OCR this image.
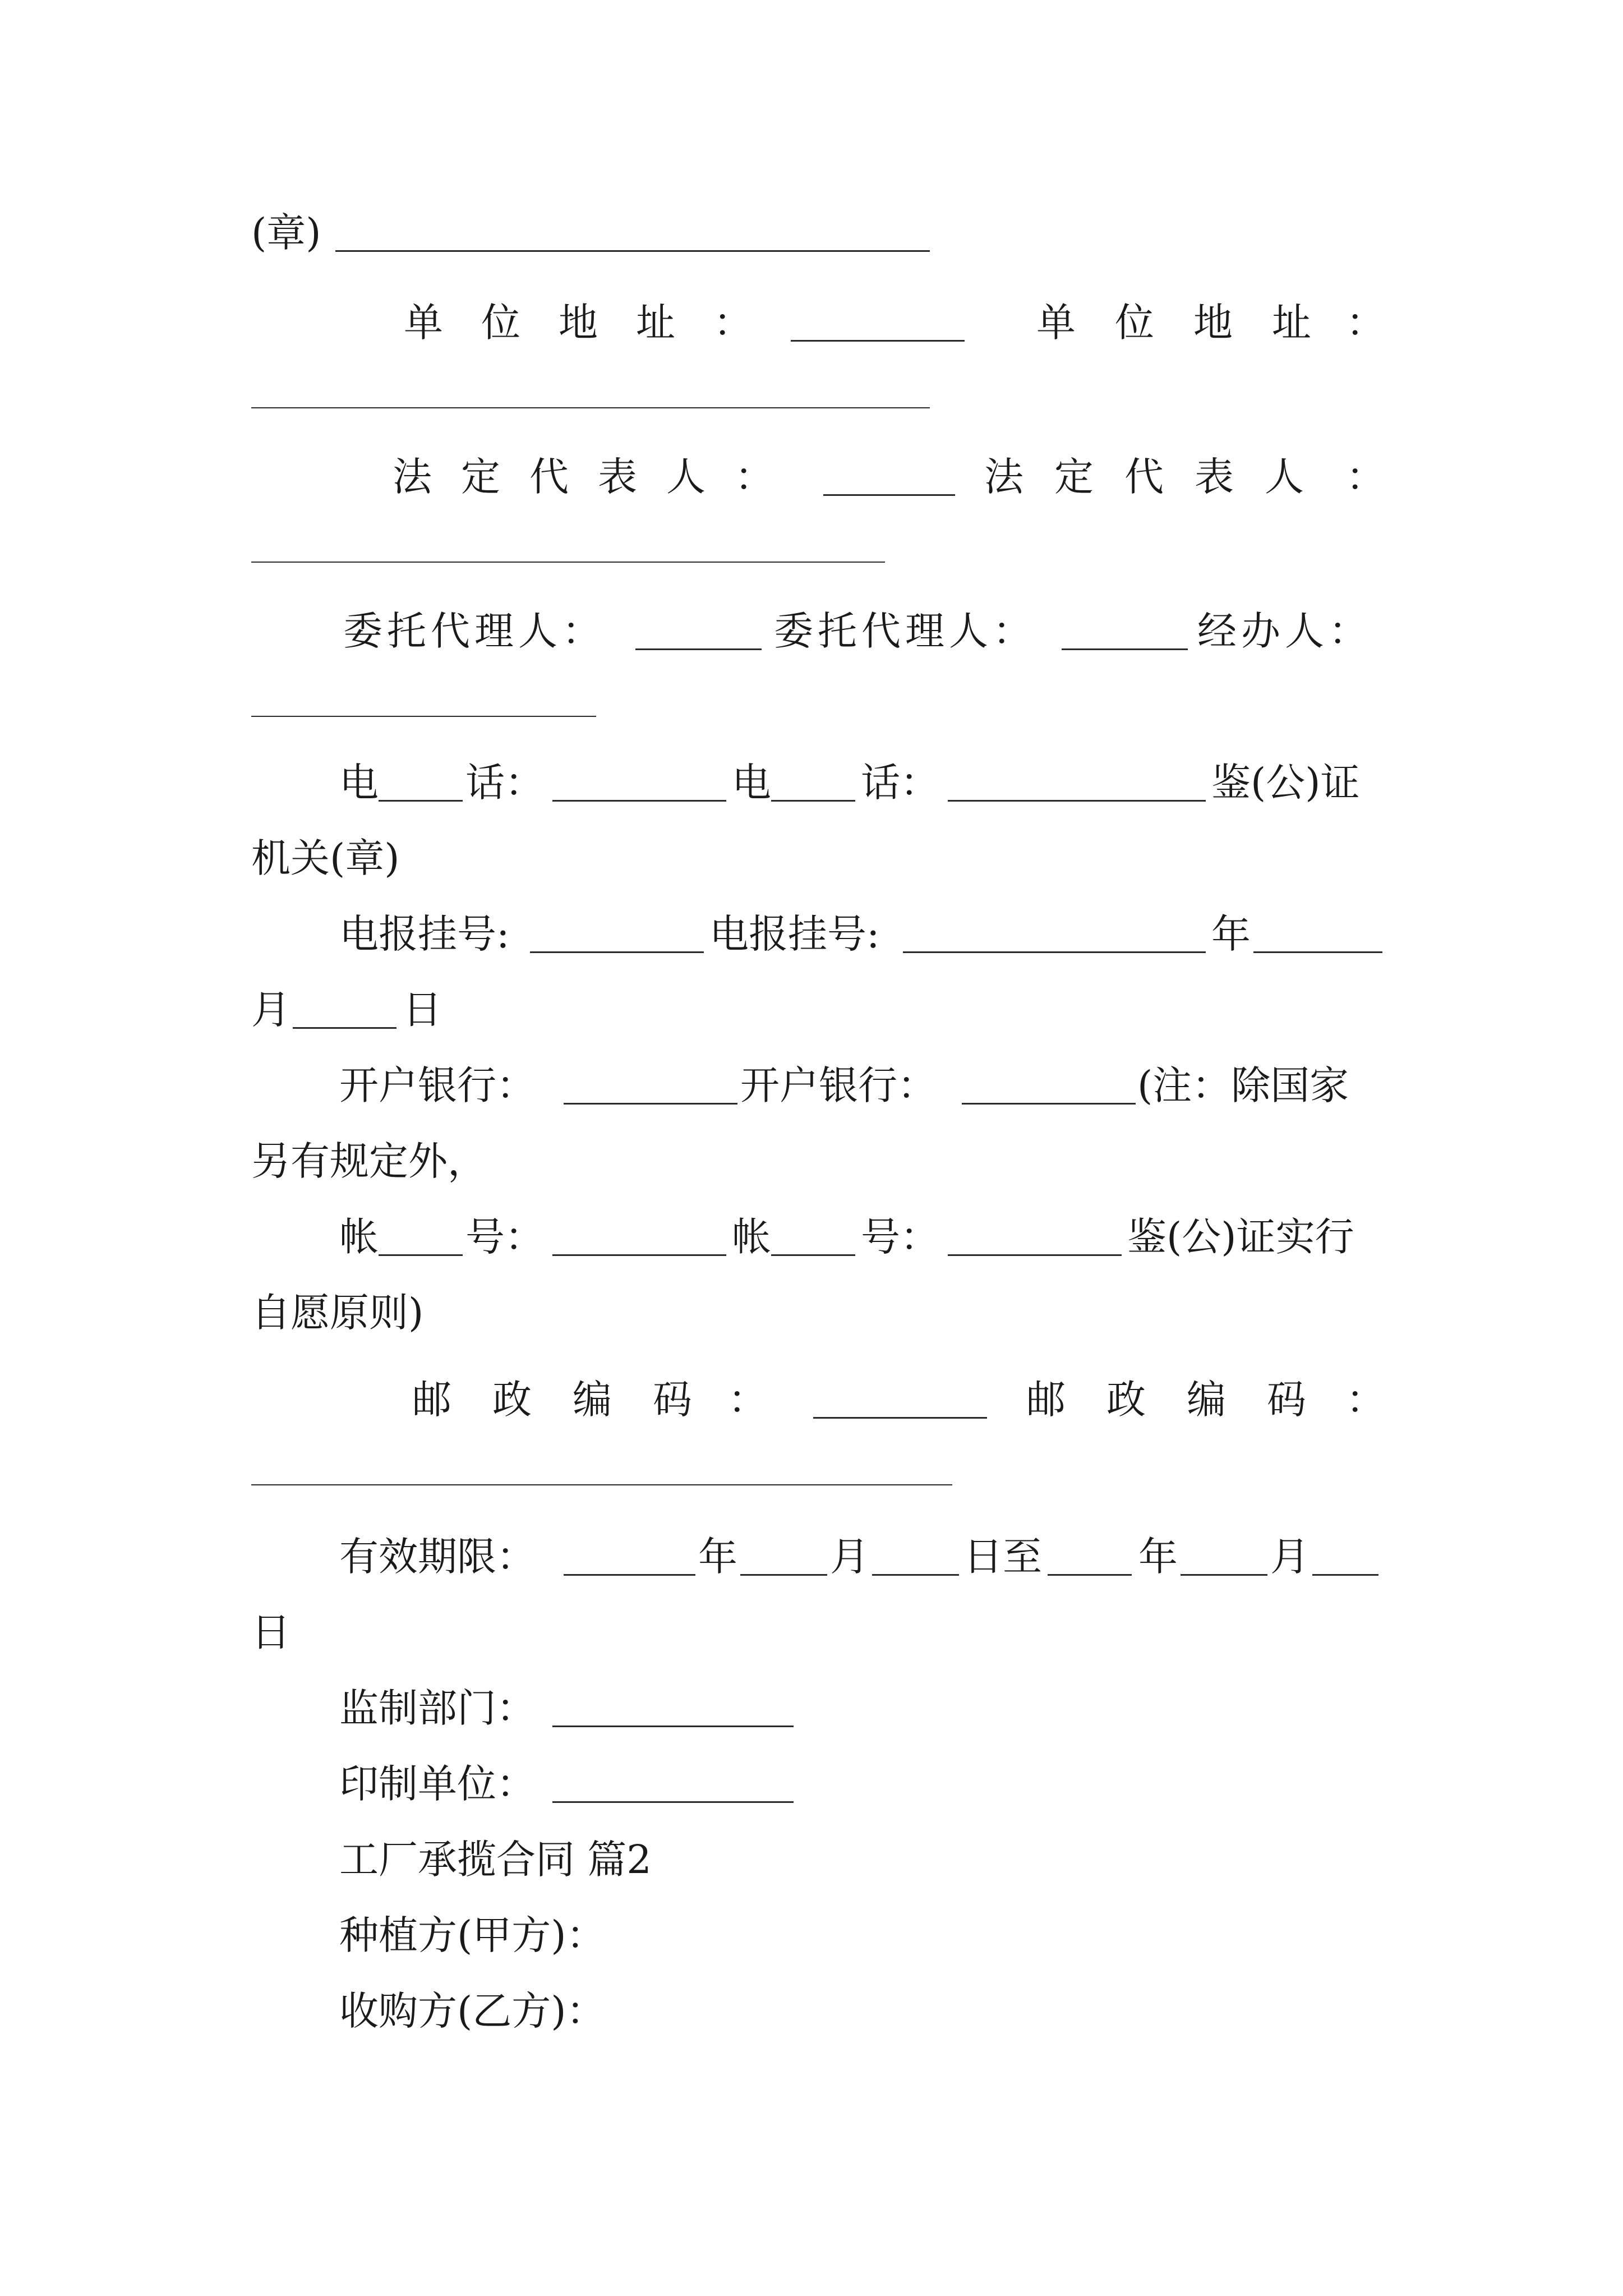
(章)
单 位 地 址 ：	单 位 地 址 ：
法 定 代 表 人 ：	法 定 代 表 人 ：
委托代理人：	委托代理人：	经办人：
电 话：	电 话：	鉴(公)证
机关(章)
电报挂号:	电报挂号:	年
月	日
开户银行：	开户银行：	(注：除国家
另有规定外，
帐 号：	帐 号：	鉴(公)证实行
自愿原则)
邮 政 编 码 ：	邮 政 编 码 ：
有效期限：	年 月 日至 年 月
日
监制部门：
印制单位：
工厂承揽合同 篇2
种植方(甲方)：
收购方(乙方)：
